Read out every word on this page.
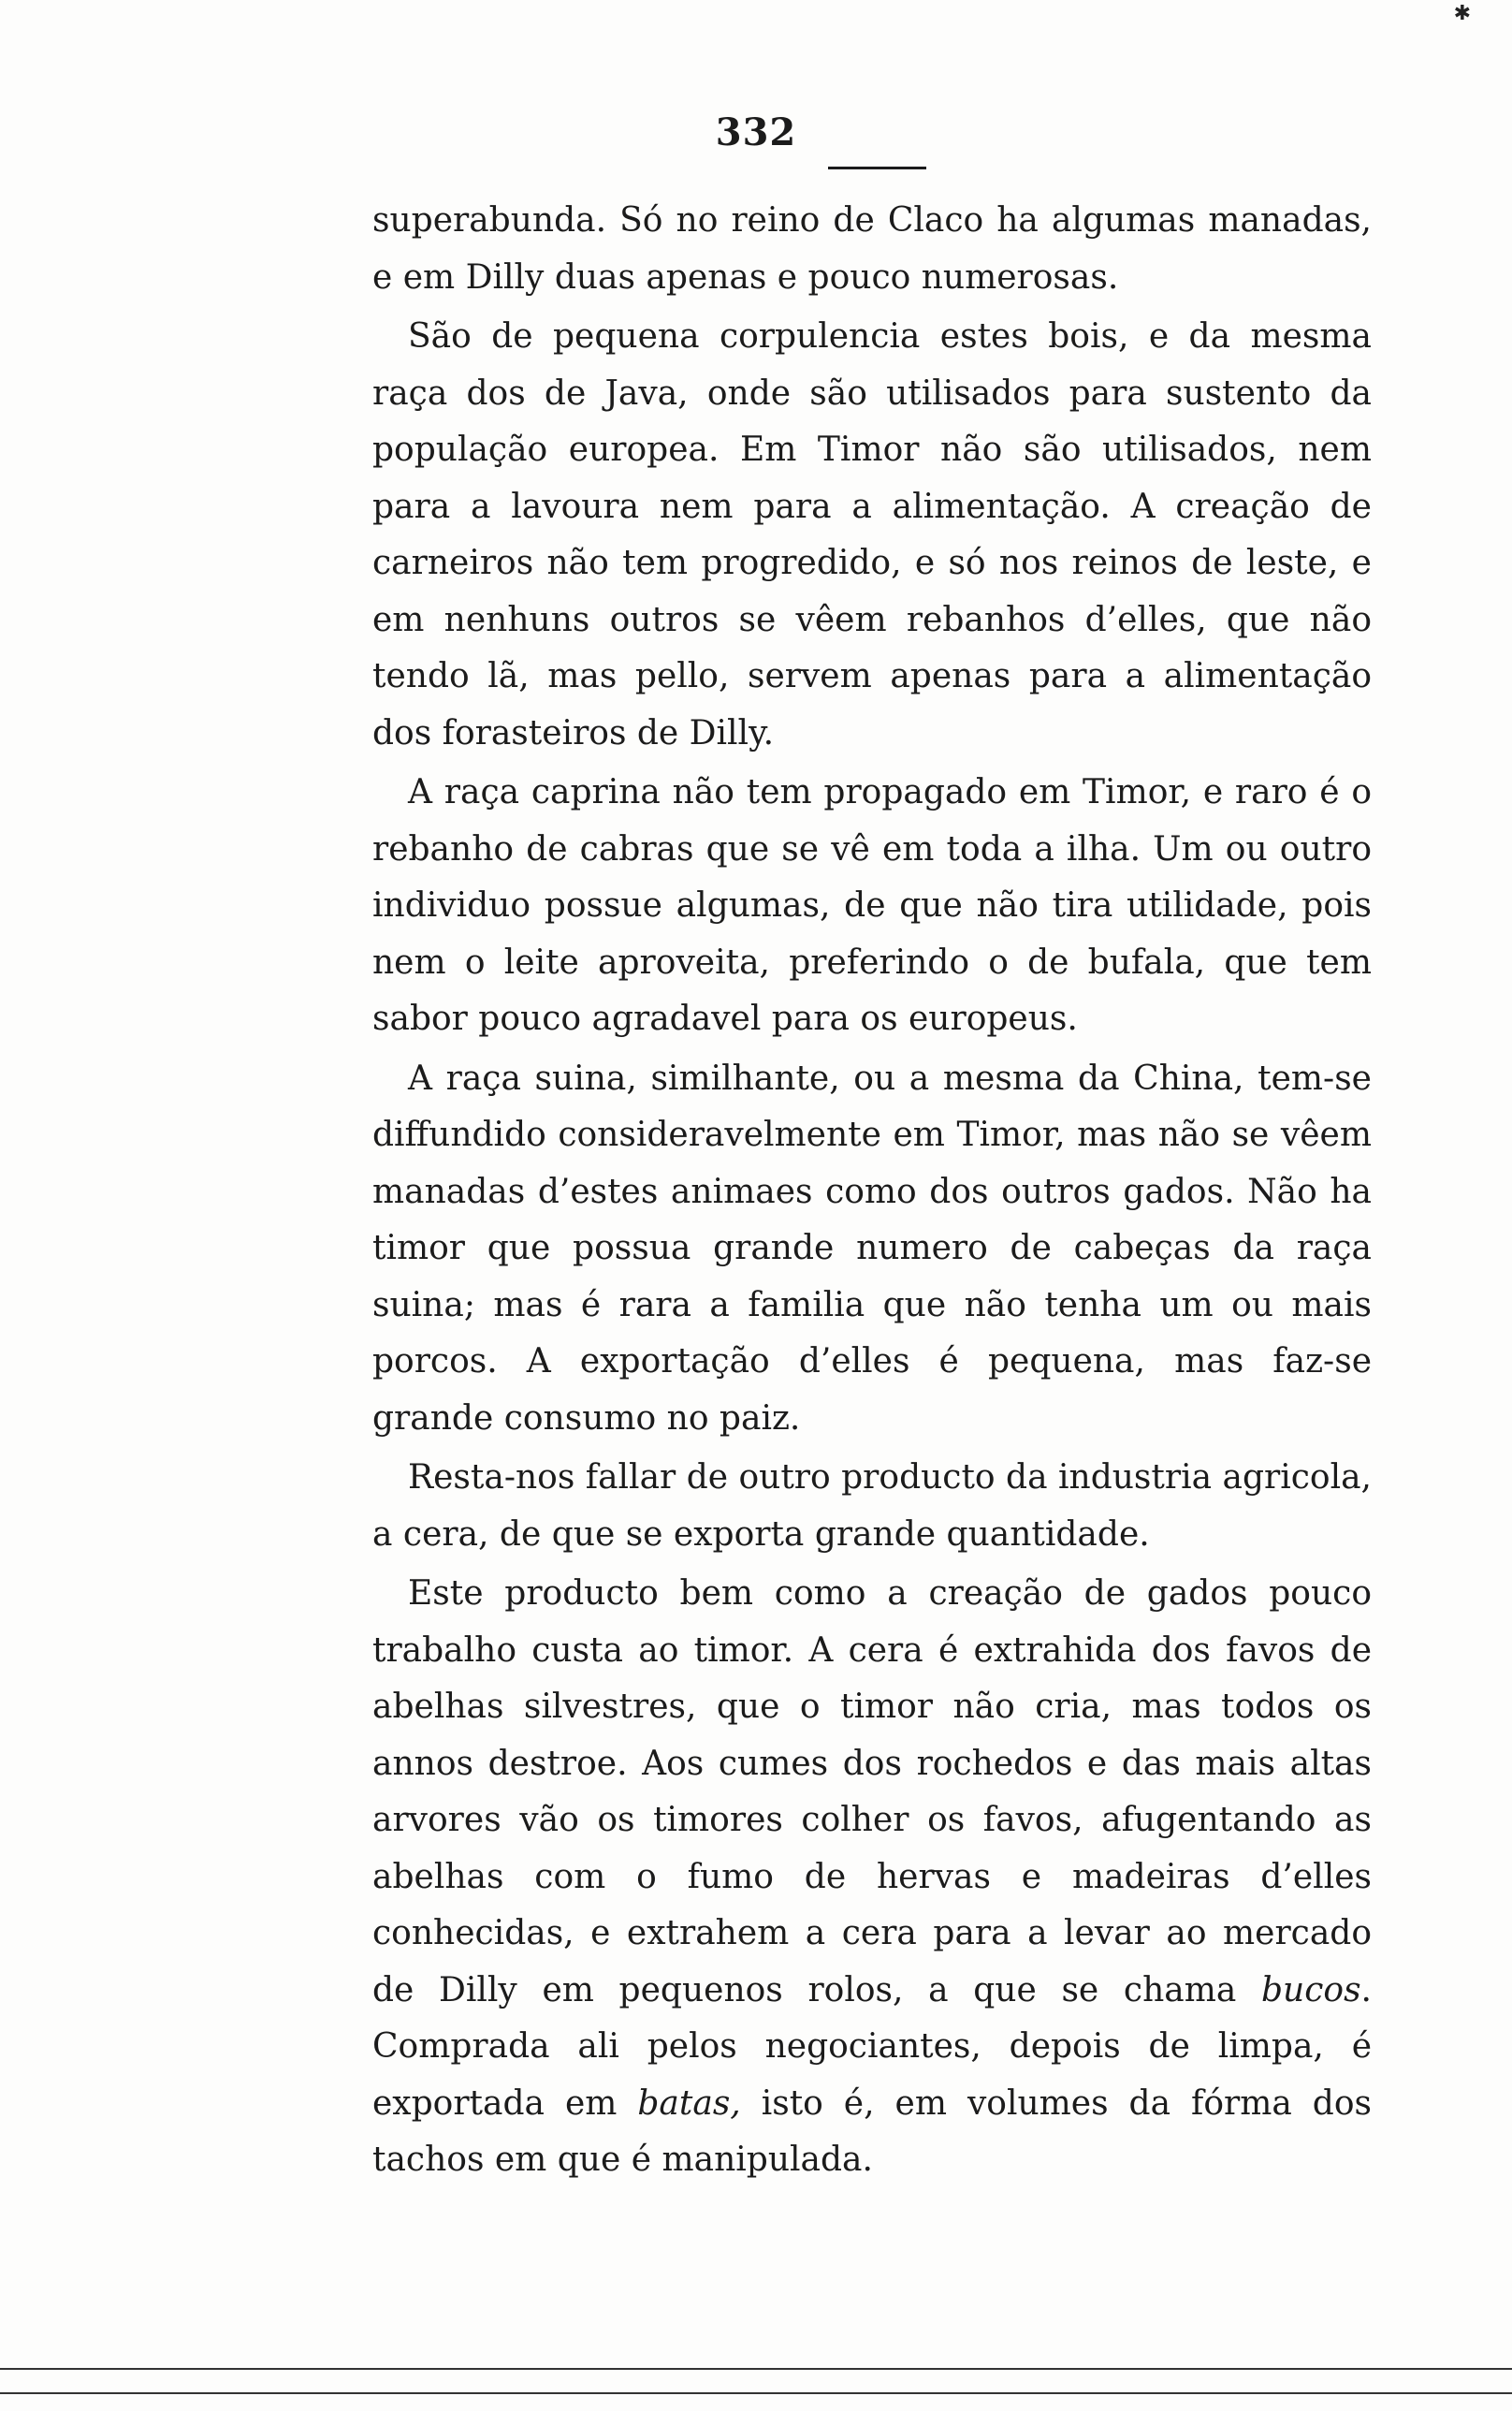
✱
332

superabunda. Só no reino de Claco ha algumas manadas, e em Dilly duas apenas e pouco numerosas.

São de pequena corpulencia estes bois, e da mesma raça dos de Java, onde são utilisados para sustento da população europea. Em Timor não são utilisados, nem para a lavoura nem para a alimentação. A creação de carneiros não tem progredido, e só nos reinos de leste, e em nenhuns outros se vêem rebanhos d’elles, que não tendo lã, mas pello, servem apenas para a alimentação dos forasteiros de Dilly.

A raça caprina não tem propagado em Timor, e raro é o rebanho de cabras que se vê em toda a ilha. Um ou outro individuo possue algumas, de que não tira utilidade, pois nem o leite aproveita, preferindo o de bufala, que tem sabor pouco agradavel para os europeus.

A raça suina, similhante, ou a mesma da China, tem-se diffundido consideravelmente em Timor, mas não se vêem manadas d’estes animaes como dos outros gados. Não ha timor que possua grande numero de cabeças da raça suina; mas é rara a familia que não tenha um ou mais porcos. A exportação d’elles é pequena, mas faz-se grande consumo no paiz.

Resta-nos fallar de outro producto da industria agricola, a cera, de que se exporta grande quantidade.

Este producto bem como a creação de gados pouco trabalho custa ao timor. A cera é extrahida dos favos de abelhas silvestres, que o timor não cria, mas todos os annos destroe. Aos cumes dos rochedos e das mais altas arvores vão os timores colher os favos, afugentando as abelhas com o fumo de hervas e madeiras d’elles conhecidas, e extrahem a cera para a levar ao mercado de Dilly em pequenos rolos, a que se chama bucos. Comprada ali pelos negociantes, depois de limpa, é exportada em batas, isto é, em volumes da fórma dos tachos em que é manipulada.
